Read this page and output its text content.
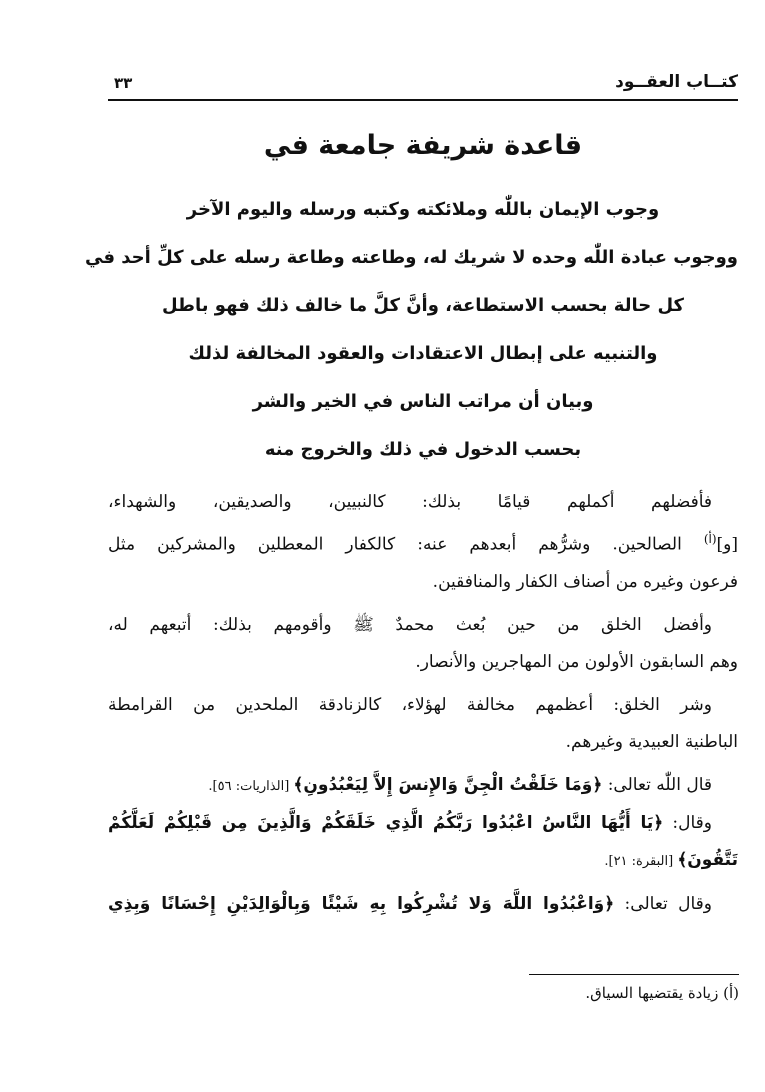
كتــاب العقــود
٣٣
قاعدة شريفة جامعة في
وجوب الإيمان باللّٰه وملائكته وكتبه ورسله واليوم الآخر
ووجوب عبادة اللّٰه وحده لا شريك له، وطاعته وطاعة رسله على كلِّ أحد في
كل حالة بحسب الاستطاعة، وأنَّ كلَّ ما خالف ذلك فهو باطل
والتنبيه على إبطال الاعتقادات والعقود المخالفة لذلك
وبيان أن مراتب الناس في الخير والشر
بحسب الدخول في ذلك والخروج منه
فأفضلهم أكملهم قيامًا بذلك: كالنبيين، والصديقين، والشهداء،
[و]$^{(أ)}$ الصالحين. وشرُّهم أبعدهم عنه: كالكفار المعطلين والمشركين مثل
فرعون وغيره من أصناف الكفار والمنافقين.
وأفضل الخلق من حين بُعث محمدٌ ﷺ وأقومهم بذلك: أتبعهم له،
وهم السابقون الأولون من المهاجرين والأنصار.
وشر الخلق: أعظمهم مخالفة لهؤلاء، كالزنادقة الملحدين من القرامطة
الباطنية العبيدية وغيرهم.
قال اللّٰه تعالى: ﴿وَمَا خَلَقْتُ الْجِنَّ وَالإِنسَ إِلاَّ لِيَعْبُدُونِ﴾ [الذاريات: ٥٦].
وقال: ﴿يَا أَيُّهَا النَّاسُ اعْبُدُوا رَبَّكُمُ الَّذِي خَلَقَكُمْ وَالَّذِينَ مِن قَبْلِكُمْ لَعَلَّكُمْ
تَتَّقُونَ﴾ [البقرة: ٢١].
وقال تعالى: ﴿وَاعْبُدُوا اللَّهَ وَلا تُشْرِكُوا بِهِ شَيْئًا وَبِالْوَالِدَيْنِ إِحْسَانًا وَبِذِي
(أ) زيادة يقتضيها السياق.
